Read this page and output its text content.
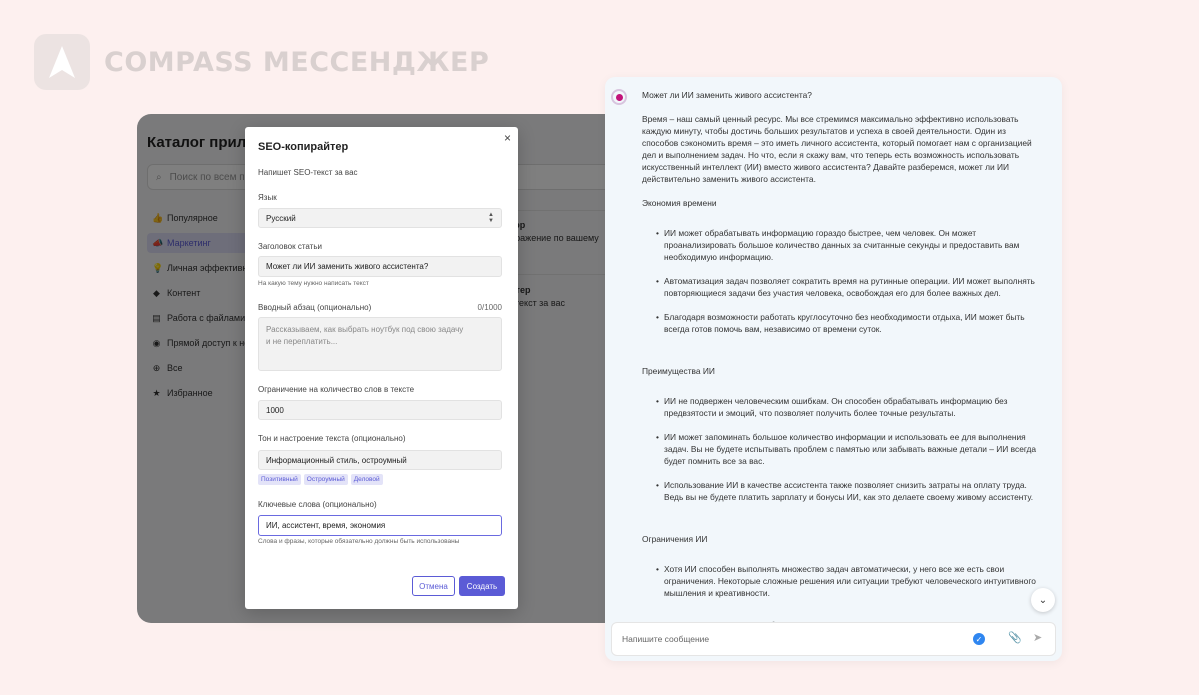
COMPASS МЕССЕНДЖЕР
SEO-копирайтер
×
Напишет SEO-текст за вас
Язык
Русский	▲
▼
Заголовок статьи
Может ли ИИ заменить живого ассистента?
На какую тему нужно написать текст
Вводный абзац (опционально)	0/1000
Рассказываем, как выбрать ноутбук под свою задачу
и не переплатить...
Ограничение на количество слов в тексте
1000
Тон и настроение текста (опционально)
Информационный стиль, остроумный
Позитивный	Остроумный	Деловой
Ключевые слова (опционально)
ИИ, ассистент, время, экономия
Слова и фразы, которые обязательно должны быть использованы
Отмена	Создать

Может ли ИИ заменить живого ассистента?

Время – наш самый ценный ресурс. Мы все стремимся максимально эффективно использовать каждую минуту, чтобы достичь больших результатов и успеха в своей деятельности. Один из способов сэкономить время – это иметь личного ассистента, который помогает нам с организацией дел и выполнением задач. Но что, если я скажу вам, что теперь есть возможность использовать искусственный интеллект (ИИ) вместо живого ассистента? Давайте разберемся, может ли ИИ действительно заменить живого ассистента.

Экономия времени

• ИИ может обрабатывать информацию гораздо быстрее, чем человек. Он может проанализировать большое количество данных за считанные секунды и предоставить вам необходимую информацию.
• Автоматизация задач позволяет сократить время на рутинные операции. ИИ может выполнять повторяющиеся задачи без участия человека, освобождая его для более важных дел.
• Благодаря возможности работать круглосуточно без необходимости отдыха, ИИ может быть всегда готов помочь вам, независимо от времени суток.

Преимущества ИИ

• ИИ не подвержен человеческим ошибкам. Он способен обрабатывать информацию без предвзятости и эмоций, что позволяет получить более точные результаты.
• ИИ может запоминать большое количество информации и использовать ее для выполнения задач. Вы не будете испытывать проблем с памятью или забывать важные детали – ИИ всегда будет помнить все за вас.
• Использование ИИ в качестве ассистента также позволяет снизить затраты на оплату труда. Ведь вы не будете платить зарплату и бонусы ИИ, как это делаете своему живому ассистенту.

Ограничения ИИ

• Хотя ИИ способен выполнять множество задач автоматически, у него все же есть свои ограничения. Некоторые сложные решения или ситуации требуют человеческого интуитивного мышления и креативности.

⌄
Напишите сообщение	✓ 📎 ➤
